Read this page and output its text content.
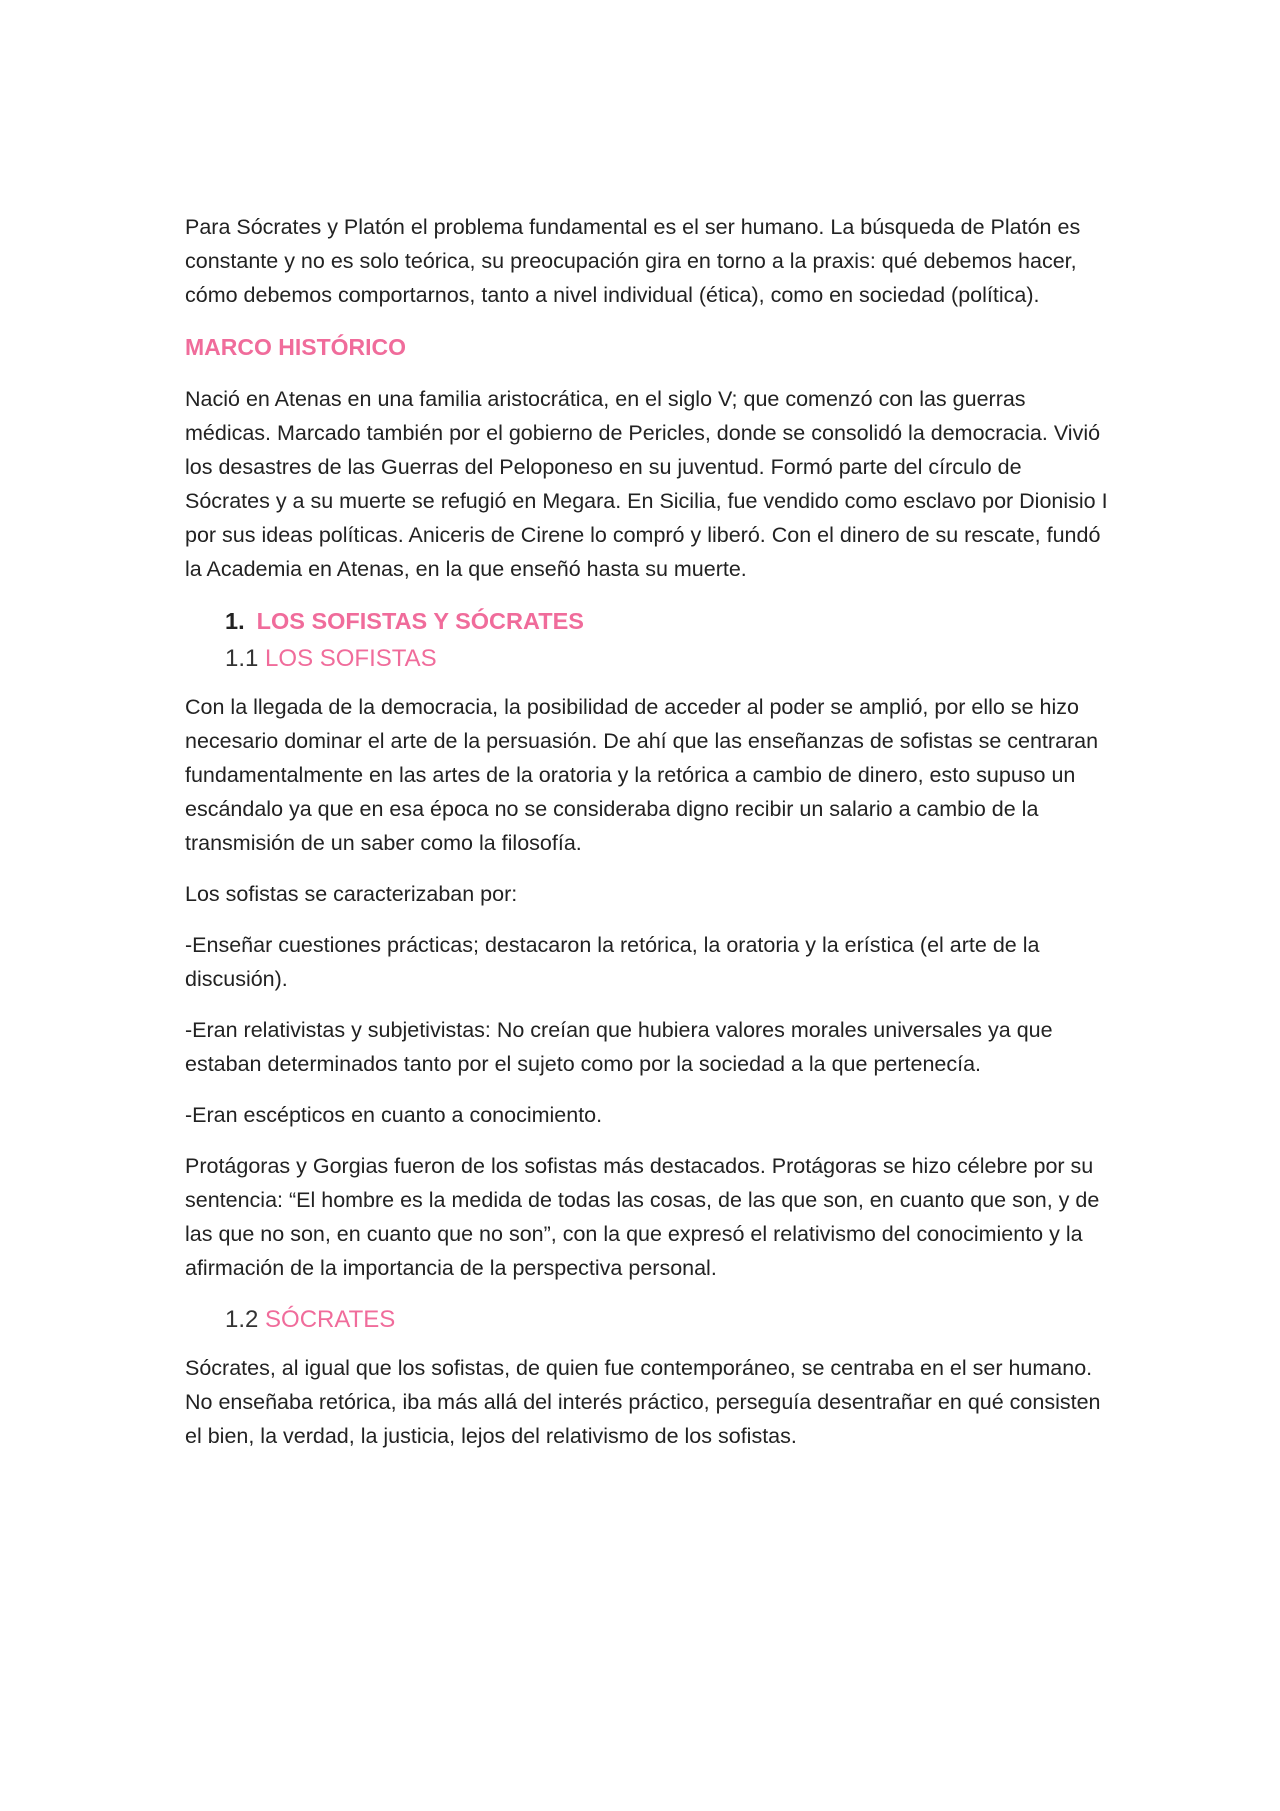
Para Sócrates y Platón el problema fundamental es el ser humano. La búsqueda de Platón es constante y no es solo teórica, su preocupación gira en torno a la praxis: qué debemos hacer, cómo debemos comportarnos, tanto a nivel individual (ética), como en sociedad (política).

MARCO HISTÓRICO

Nació en Atenas en una familia aristocrática, en el siglo V; que comenzó con las guerras médicas. Marcado también por el gobierno de Pericles, donde se consolidó la democracia. Vivió los desastres de las Guerras del Peloponeso en su juventud. Formó parte del círculo de Sócrates y a su muerte se refugió en Megara. En Sicilia, fue vendido como esclavo por Dionisio I por sus ideas políticas. Aniceris de Cirene lo compró y liberó. Con el dinero de su rescate, fundó la Academia en Atenas, en la que enseñó hasta su muerte.

1. LOS SOFISTAS Y SÓCRATES
1.1 LOS SOFISTAS

Con la llegada de la democracia, la posibilidad de acceder al poder se amplió, por ello se hizo necesario dominar el arte de la persuasión. De ahí que las enseñanzas de sofistas se centraran fundamentalmente en las artes de la oratoria y la retórica a cambio de dinero, esto supuso un escándalo ya que en esa época no se consideraba digno recibir un salario a cambio de la transmisión de un saber como la filosofía.

Los sofistas se caracterizaban por:

-Enseñar cuestiones prácticas; destacaron la retórica, la oratoria y la erística (el arte de la discusión).

-Eran relativistas y subjetivistas: No creían que hubiera valores morales universales ya que estaban determinados tanto por el sujeto como por la sociedad a la que pertenecía.

-Eran escépticos en cuanto a conocimiento.

Protágoras y Gorgias fueron de los sofistas más destacados. Protágoras se hizo célebre por su sentencia: “El hombre es la medida de todas las cosas, de las que son, en cuanto que son, y de las que no son, en cuanto que no son”, con la que expresó el relativismo del conocimiento y la afirmación de la importancia de la perspectiva personal.

1.2 SÓCRATES

Sócrates, al igual que los sofistas, de quien fue contemporáneo, se centraba en el ser humano. No enseñaba retórica, iba más allá del interés práctico, perseguía desentrañar en qué consisten el bien, la verdad, la justicia, lejos del relativismo de los sofistas.
